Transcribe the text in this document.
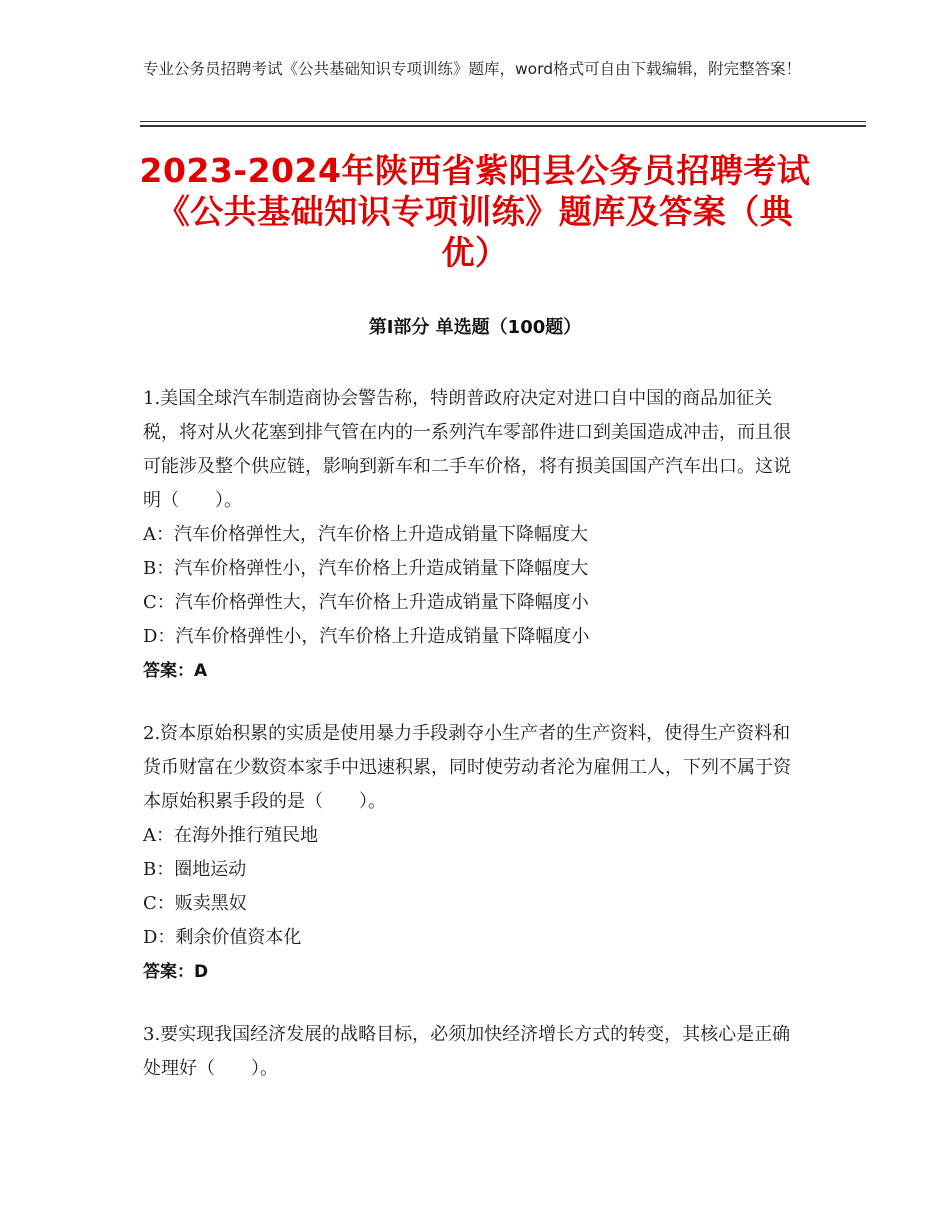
专业公务员招聘考试《公共基础知识专项训练》题库，word格式可自由下载编辑，附完整答案！
2023-2024年陕西省紫阳县公务员招聘考试
《公共基础知识专项训练》题库及答案（典
优）
第Ⅰ部分 单选题（100题）
1.美国全球汽车制造商协会警告称，特朗普政府决定对进口自中国的商品加征关税，将对从火花塞到排气管在内的一系列汽车零部件进口到美国造成冲击，而且很可能涉及整个供应链，影响到新车和二手车价格，将有损美国国产汽车出口。这说明（　　）。
A：汽车价格弹性大，汽车价格上升造成销量下降幅度大
B：汽车价格弹性小，汽车价格上升造成销量下降幅度大
C：汽车价格弹性大，汽车价格上升造成销量下降幅度小
D：汽车价格弹性小，汽车价格上升造成销量下降幅度小
答案：A
2.资本原始积累的实质是使用暴力手段剥夺小生产者的生产资料，使得生产资料和货币财富在少数资本家手中迅速积累，同时使劳动者沦为雇佣工人，下列不属于资本原始积累手段的是（　　）。
A：在海外推行殖民地
B：圈地运动
C：贩卖黑奴
D：剩余价值资本化
答案：D
3.要实现我国经济发展的战略目标，必须加快经济增长方式的转变，其核心是正确处理好（　　）。
